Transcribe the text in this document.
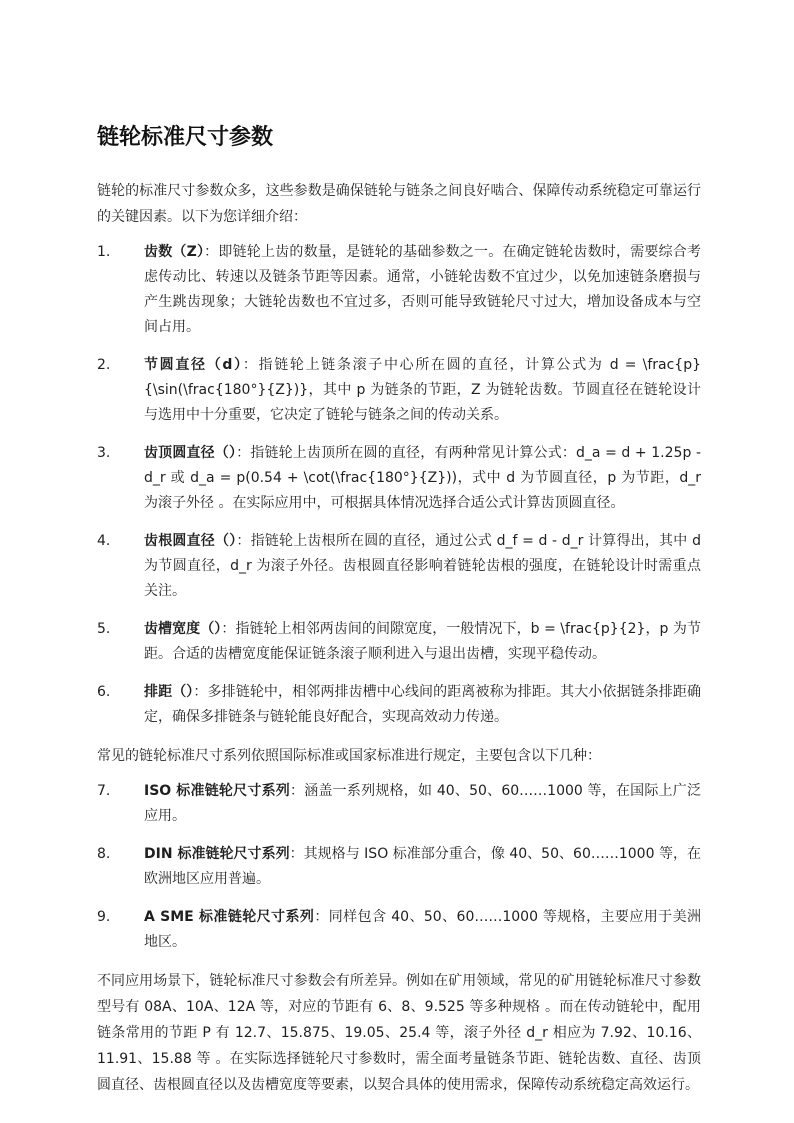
链轮标准尺寸参数

链轮的标准尺寸参数众多，这些参数是确保链轮与链条之间良好啮合、保障传动系统稳定可靠运行的关键因素。以下为您详细介绍：

1. 齿数（Z）：即链轮上齿的数量，是链轮的基础参数之一。在确定链轮齿数时，需要综合考虑传动比、转速以及链条节距等因素。通常，小链轮齿数不宜过少，以免加速链条磨损与产生跳齿现象；大链轮齿数也不宜过多，否则可能导致链轮尺寸过大，增加设备成本与空间占用。
2. 节圆直径（d）：指链轮上链条滚子中心所在圆的直径，计算公式为 d = \frac{p}{\sin(\frac{180°}{Z})}，其中 p 为链条的节距，Z 为链轮齿数。节圆直径在链轮设计与选用中十分重要，它决定了链轮与链条之间的传动关系。
3. 齿顶圆直径（）：指链轮上齿顶所在圆的直径，有两种常见计算公式：d_a = d + 1.25p - d_r 或 d_a = p(0.54 + \cot(\frac{180°}{Z}))，式中 d 为节圆直径，p 为节距，d_r 为滚子外径 。在实际应用中，可根据具体情况选择合适公式计算齿顶圆直径。
4. 齿根圆直径（）：指链轮上齿根所在圆的直径，通过公式 d_f = d - d_r 计算得出，其中 d 为节圆直径，d_r 为滚子外径。齿根圆直径影响着链轮齿根的强度，在链轮设计时需重点关注。
5. 齿槽宽度（）：指链轮上相邻两齿间的间隙宽度，一般情况下，b = \frac{p}{2}，p 为节距。合适的齿槽宽度能保证链条滚子顺利进入与退出齿槽，实现平稳传动。
6. 排距（）：多排链轮中，相邻两排齿槽中心线间的距离被称为排距。其大小依据链条排距确定，确保多排链条与链轮能良好配合，实现高效动力传递。

常见的链轮标准尺寸系列依照国际标准或国家标准进行规定，主要包含以下几种：

7. ISO 标准链轮尺寸系列：涵盖一系列规格，如 40、50、60……1000 等，在国际上广泛应用。
8. DIN 标准链轮尺寸系列：其规格与 ISO 标准部分重合，像 40、50、60……1000 等，在欧洲地区应用普遍。
9. A SME 标准链轮尺寸系列：同样包含 40、50、60……1000 等规格，主要应用于美洲地区。

不同应用场景下，链轮标准尺寸参数会有所差异。例如在矿用领域，常见的矿用链轮标准尺寸参数型号有 08A、10A、12A 等，对应的节距有 6、8、9.525 等多种规格 。而在传动链轮中，配用链条常用的节距 P 有 12.7、15.875、19.05、25.4 等，滚子外径 d_r 相应为 7.92、10.16、11.91、15.88 等 。在实际选择链轮尺寸参数时，需全面考量链条节距、链轮齿数、直径、齿顶圆直径、齿根圆直径以及齿槽宽度等要素，以契合具体的使用需求，保障传动系统稳定高效运行。
